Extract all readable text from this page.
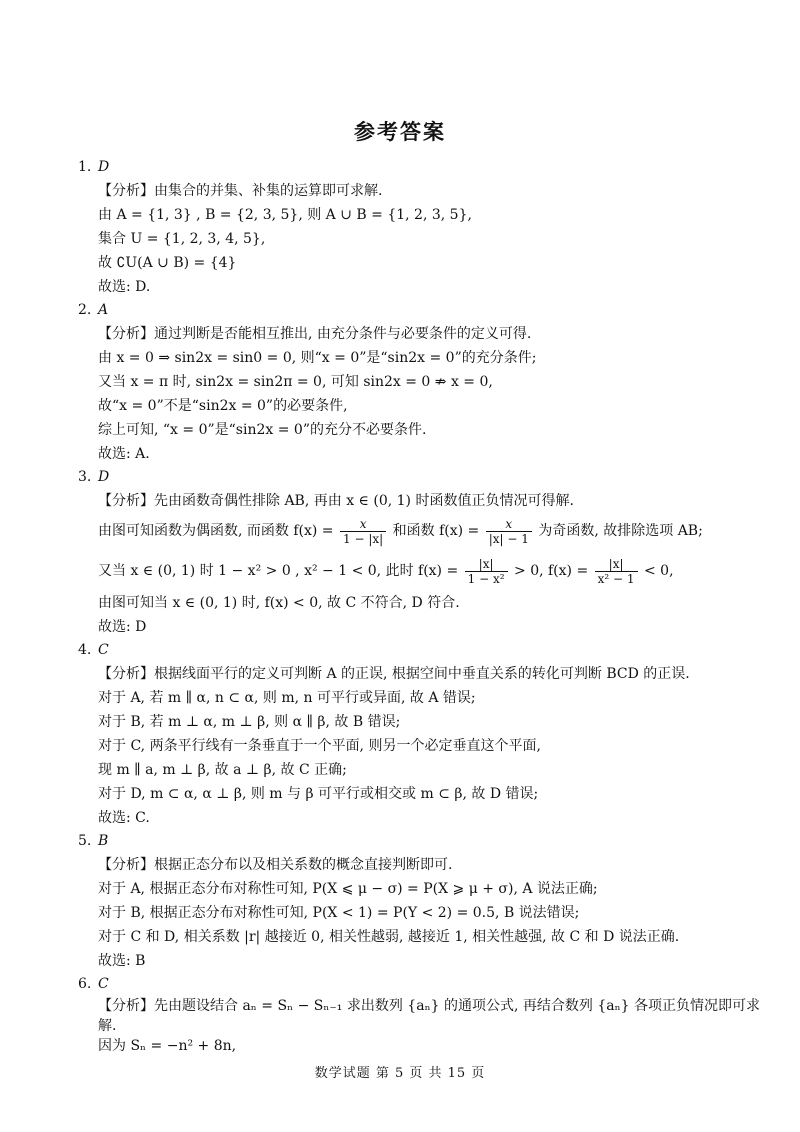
参考答案
1. D
【分析】由集合的并集、补集的运算即可求解.
由 A = {1, 3} , B = {2, 3, 5}, 则 A ∪ B = {1, 2, 3, 5},
集合 U = {1, 2, 3, 4, 5},
故 ∁U(A ∪ B) = {4}
故选: D.
2. A
【分析】通过判断是否能相互推出, 由充分条件与必要条件的定义可得.
由 x = 0 ⇒ sin2x = sin0 = 0, 则“x = 0”是“sin2x = 0”的充分条件;
又当 x = π 时, sin2x = sin2π = 0, 可知 sin2x = 0 ⇏ x = 0,
故“x = 0”不是“sin2x = 0”的必要条件,
综上可知, “x = 0”是“sin2x = 0”的充分不必要条件.
故选: A.
3. D
【分析】先由函数奇偶性排除 AB, 再由 x ∈ (0, 1) 时函数值正负情况可得解.
由图可知函数为偶函数, 而函数 $f(x) = \frac{x}{1 - |x|}$ 和函数 $f(x) = \frac{x}{|x| - 1}$ 为奇函数, 故排除选项 AB;
又当 x ∈ (0, 1) 时 1 − x² > 0 , x² − 1 < 0, 此时 $f(x) = \frac{|x|}{\text{1 − x²}} > 0$, $f(x) = \frac{|x|}{\text{x² − 1}} < 0$,
由图可知当 x ∈ (0, 1) 时, f(x) < 0, 故 C 不符合, D 符合.
故选: D
4. C
【分析】根据线面平行的定义可判断 A 的正误, 根据空间中垂直关系的转化可判断 BCD 的正误.
对于 A, 若 m ∥ α, n ⊂ α, 则 m, n 可平行或异面, 故 A 错误;
对于 B, 若 m ⊥ α, m ⊥ β, 则 α ∥ β, 故 B 错误;
对于 C, 两条平行线有一条垂直于一个平面, 则另一个必定垂直这个平面,
现 m ∥ a, m ⊥ β, 故 a ⊥ β, 故 C 正确;
对于 D, m ⊂ α, α ⊥ β, 则 m 与 β 可平行或相交或 m ⊂ β, 故 D 错误;
故选: C.
5. B
【分析】根据正态分布以及相关系数的概念直接判断即可.
对于 A, 根据正态分布对称性可知, P(X ⩽ μ − σ) = P(X ⩾ μ + σ), A 说法正确;
对于 B, 根据正态分布对称性可知, P(X < 1) = P(Y < 2) = 0.5, B 说法错误;
对于 C 和 D, 相关系数 |r| 越接近 0, 相关性越弱, 越接近 1, 相关性越强, 故 C 和 D 说法正确.
故选: B
6. C
【分析】先由题设结合 aₙ = Sₙ − Sₙ₋₁ 求出数列 {aₙ} 的通项公式, 再结合数列 {aₙ} 各项正负情况即可求
解.
因为 Sₙ = −n² + 8n,
数学试题 第 5 页 共 15 页
